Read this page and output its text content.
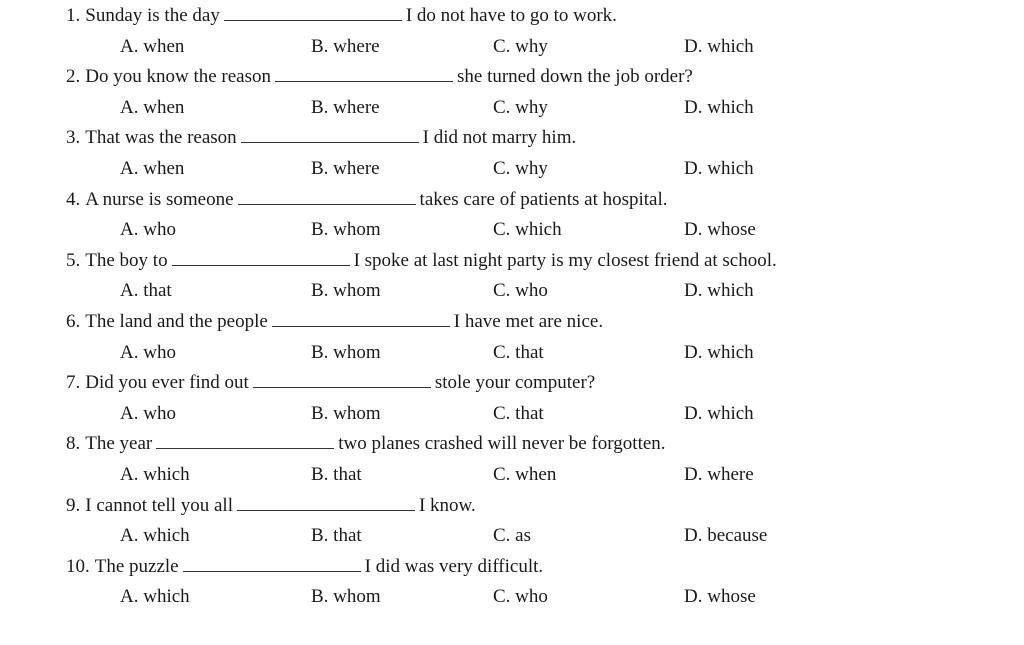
1. Sunday is the day	I do not have to go to work.
A. when	B. where	C. why	D. which
2. Do you know the reason	she turned down the job order?
A. when	B. where	C. why	D. which
3. That was the reason	I did not marry him.
A. when	B. where	C. why	D. which
4. A nurse is someone	takes care of patients at hospital.
A. who	B. whom	C. which	D. whose
5. The boy to	I spoke at last night party is my closest friend at school.
A. that	B. whom	C. who	D. which
6. The land and the people	I have met are nice.
A. who	B. whom	C. that	D. which
7. Did you ever find out	stole your computer?
A. who	B. whom	C. that	D. which
8. The year	two planes crashed will never be forgotten.
A. which	B. that	C. when	D. where
9. I cannot tell you all	I know.
A. which	B. that	C. as	D. because
10. The puzzle	I did was very difficult.
A. which	B. whom	C. who	D. whose
